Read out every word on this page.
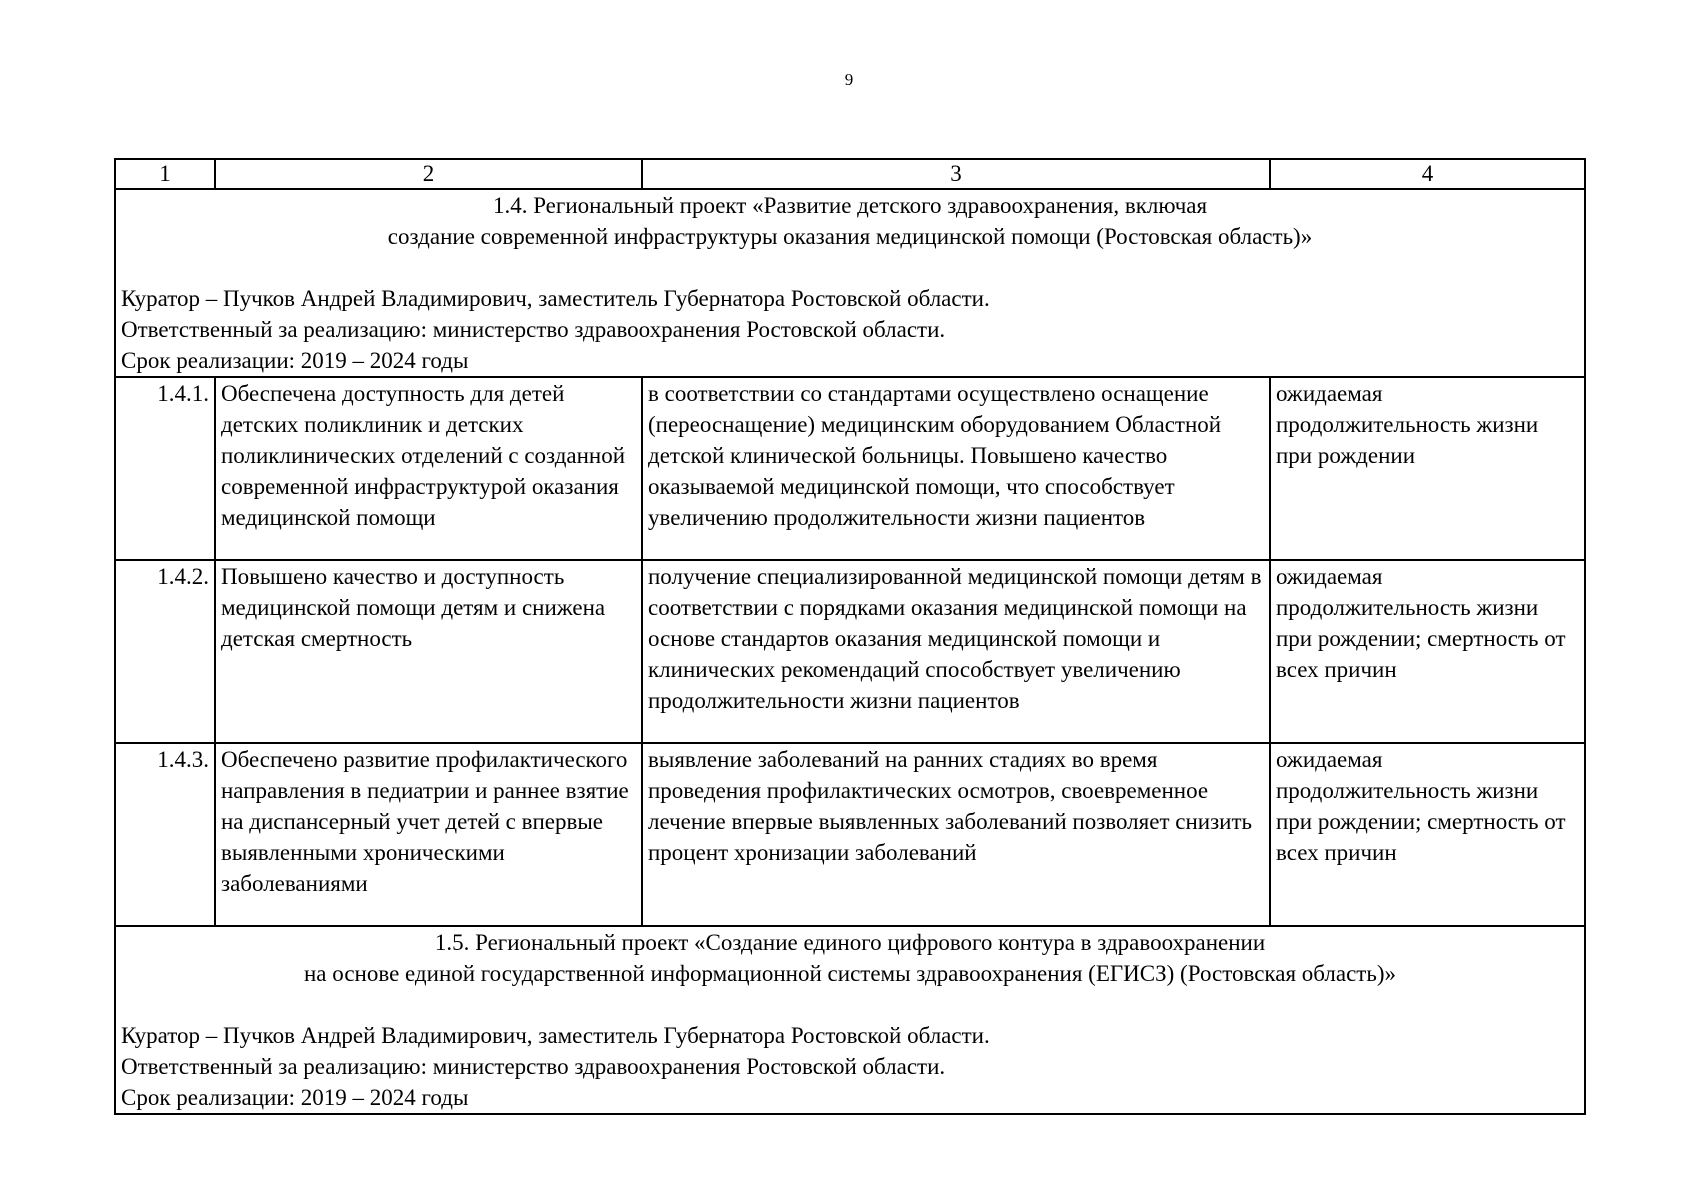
9
1	2	3	4

1.4. Региональный проект «Развитие детского здравоохранения, включая
создание современной инфраструктуры оказания медицинской помощи (Ростовская область)»
Куратор – Пучков Андрей Владимирович, заместитель Губернатора Ростовской области.
Ответственный за реализацию: министерство здравоохранения Ростовской области.
Срок реализации: 2019 – 2024 годы			

1.4.1.	Обеспечена доступность для детей детских поликлиник и детских поликлинических отделений с созданной современной инфраструктурой оказания медицинской помощи	в соответствии со стандартами осуществлено оснащение (переоснащение) медицинским оборудованием Областной детской клинической больницы. Повышено качество оказываемой медицинской помощи, что способствует увеличению продолжительности жизни пациентов	ожидаемая продолжительность жизни при рождении
1.4.2.	Повышено качество и доступность медицинской помощи детям и снижена детская смертность	получение специализированной медицинской помощи детям в соответствии с порядками оказания медицинской помощи на основе стандартов оказания медицинской помощи и клинических рекомендаций способствует увеличению продолжительности жизни пациентов	ожидаемая продолжительность жизни при рождении; смертность от всех причин
1.4.3.	Обеспечено развитие профилактического направления в педиатрии и раннее взятие на диспансерный учет детей с впервые выявленными хроническими заболеваниями	выявление заболеваний на ранних стадиях во время проведения профилактических осмотров, своевременное лечение впервые выявленных заболеваний позволяет снизить процент хронизации заболеваний	ожидаемая продолжительность жизни при рождении; смертность от всех причин

1.5. Региональный проект «Создание единого цифрового контура в здравоохранении
на основе единой государственной информационной системы здравоохранения (ЕГИСЗ) (Ростовская область)»
Куратор – Пучков Андрей Владимирович, заместитель Губернатора Ростовской области.
Ответственный за реализацию: министерство здравоохранения Ростовской области.
Срок реализации: 2019 – 2024 годы			
